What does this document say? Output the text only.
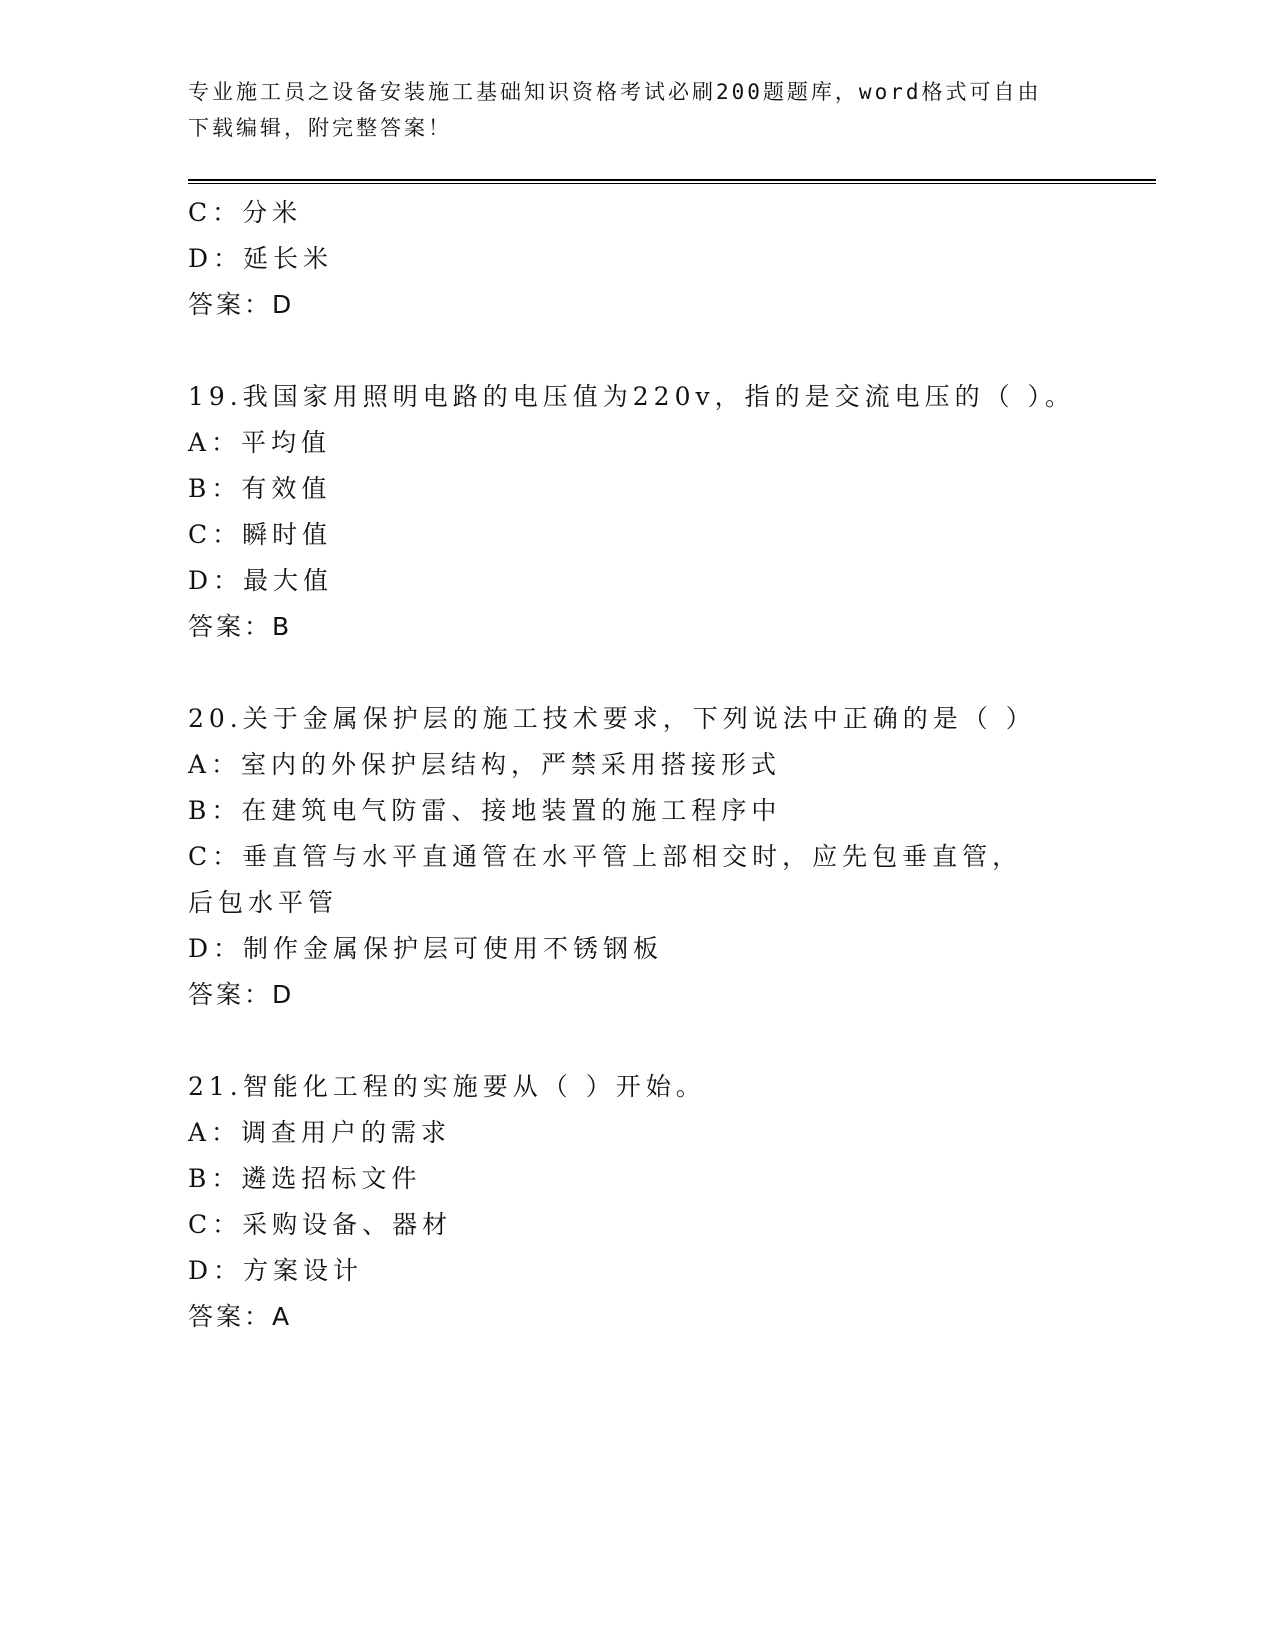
专业施工员之设备安装施工基础知识资格考试必刷200题题库，word格式可自由
下载编辑，附完整答案！
C：分米
D：延长米
答案：D
19.我国家用照明电路的电压值为220v，指的是交流电压的（ ）。
A：平均值
B：有效值
C：瞬时值
D：最大值
答案：B
20.关于金属保护层的施工技术要求，下列说法中正确的是（ ）
A：室内的外保护层结构，严禁采用搭接形式
B：在建筑电气防雷、接地装置的施工程序中
C：垂直管与水平直通管在水平管上部相交时，应先包垂直管，后包水平管
D：制作金属保护层可使用不锈钢板
答案：D
21.智能化工程的实施要从（ ）开始。
A：调查用户的需求
B：遴选招标文件
C：采购设备、器材
D：方案设计
答案：A
